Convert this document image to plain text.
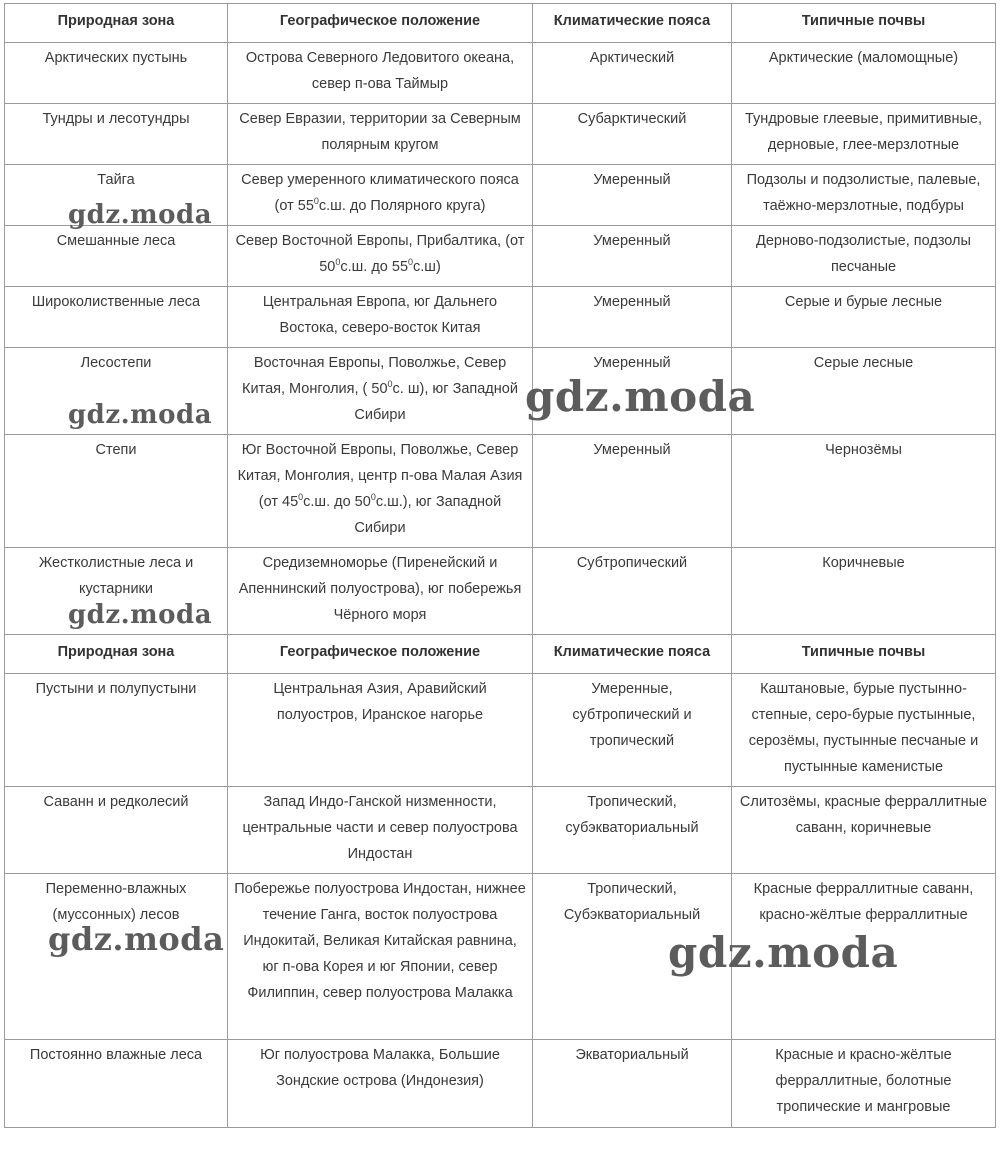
Природная зона	Географическое положение	Климатические пояса	Типичные почвы
Арктических пустынь	Острова Северного Ледовитого океана, север п-ова Таймыр	Арктический	Арктические (маломощные)
Тундры и лесотундры	Север Евразии, территории за Северным полярным кругом	Субарктический	Тундровые глеевые, примитивные, дерновые, глее-мерзлотные
Тайга	Север умеренного климатического пояса (от $55^0с.ш$. до Полярного круга)	Умеренный	Подзолы и подзолистые, палевые, таёжно-мерзлотные, подбуры
Смешанные леса	Север Восточной Европы, Прибалтика, (от $50^0с.ш$. до $55^0с.ш$)	Умеренный	Дерново-подзолистые, подзолы песчаные
Широколиственные леса	Центральная Европа, юг Дальнего Востока, северо-восток Китая	Умеренный	Серые и бурые лесные
Лесостепи	Восточная Европы, Поволжье, Север Китая, Монголия, ( $50^0с$. ш), юг Западной Сибири	Умеренный	Серые лесные
Степи	Юг Восточной Европы, Поволжье, Север Китая, Монголия, центр п-ова Малая Азия (от $45^0с.ш$. до $50^0с.ш$.), юг Западной Сибири	Умеренный	Чернозёмы
Жестколистные леса и кустарники	Средиземноморье (Пиренейский и Апеннинский полуострова), юг побережья Чёрного моря	Субтропический	Коричневые
Природная зона	Географическое положение	Климатические пояса	Типичные почвы
Пустыни и полупустыни	Центральная Азия, Аравийский полуостров, Иранское нагорье	Умеренные, субтропический и тропический	Каштановые, бурые пустынно-степные, серо-бурые пустынные, серозёмы, пустынные песчаные и пустынные каменистые
Саванн и редколесий	Запад Индо-Ганской низменности, центральные части и север полуострова Индостан	Тропический, субэкваториальный	Слитозёмы, красные ферраллитные саванн, коричневые
Переменно-влажных (муссонных) лесов	Побережье полуострова Индостан, нижнее течение Ганга, восток полуострова Индокитай, Великая Китайская равнина, юг п-ова Корея и юг Японии, север Филиппин, север полуострова Малакка	Тропический, Субэкваториальный	Красные ферраллитные саванн, красно-жёлтые ферраллитные
Постоянно влажные леса	Юг полуострова Малакка, Большие Зондские острова (Индонезия)	Экваториальный	Красные и красно-жёлтые ферраллитные, болотные тропические и мангровые
gdz.moda
gdz.moda
gdz.moda
gdz.moda
gdz.moda
gdz.moda
